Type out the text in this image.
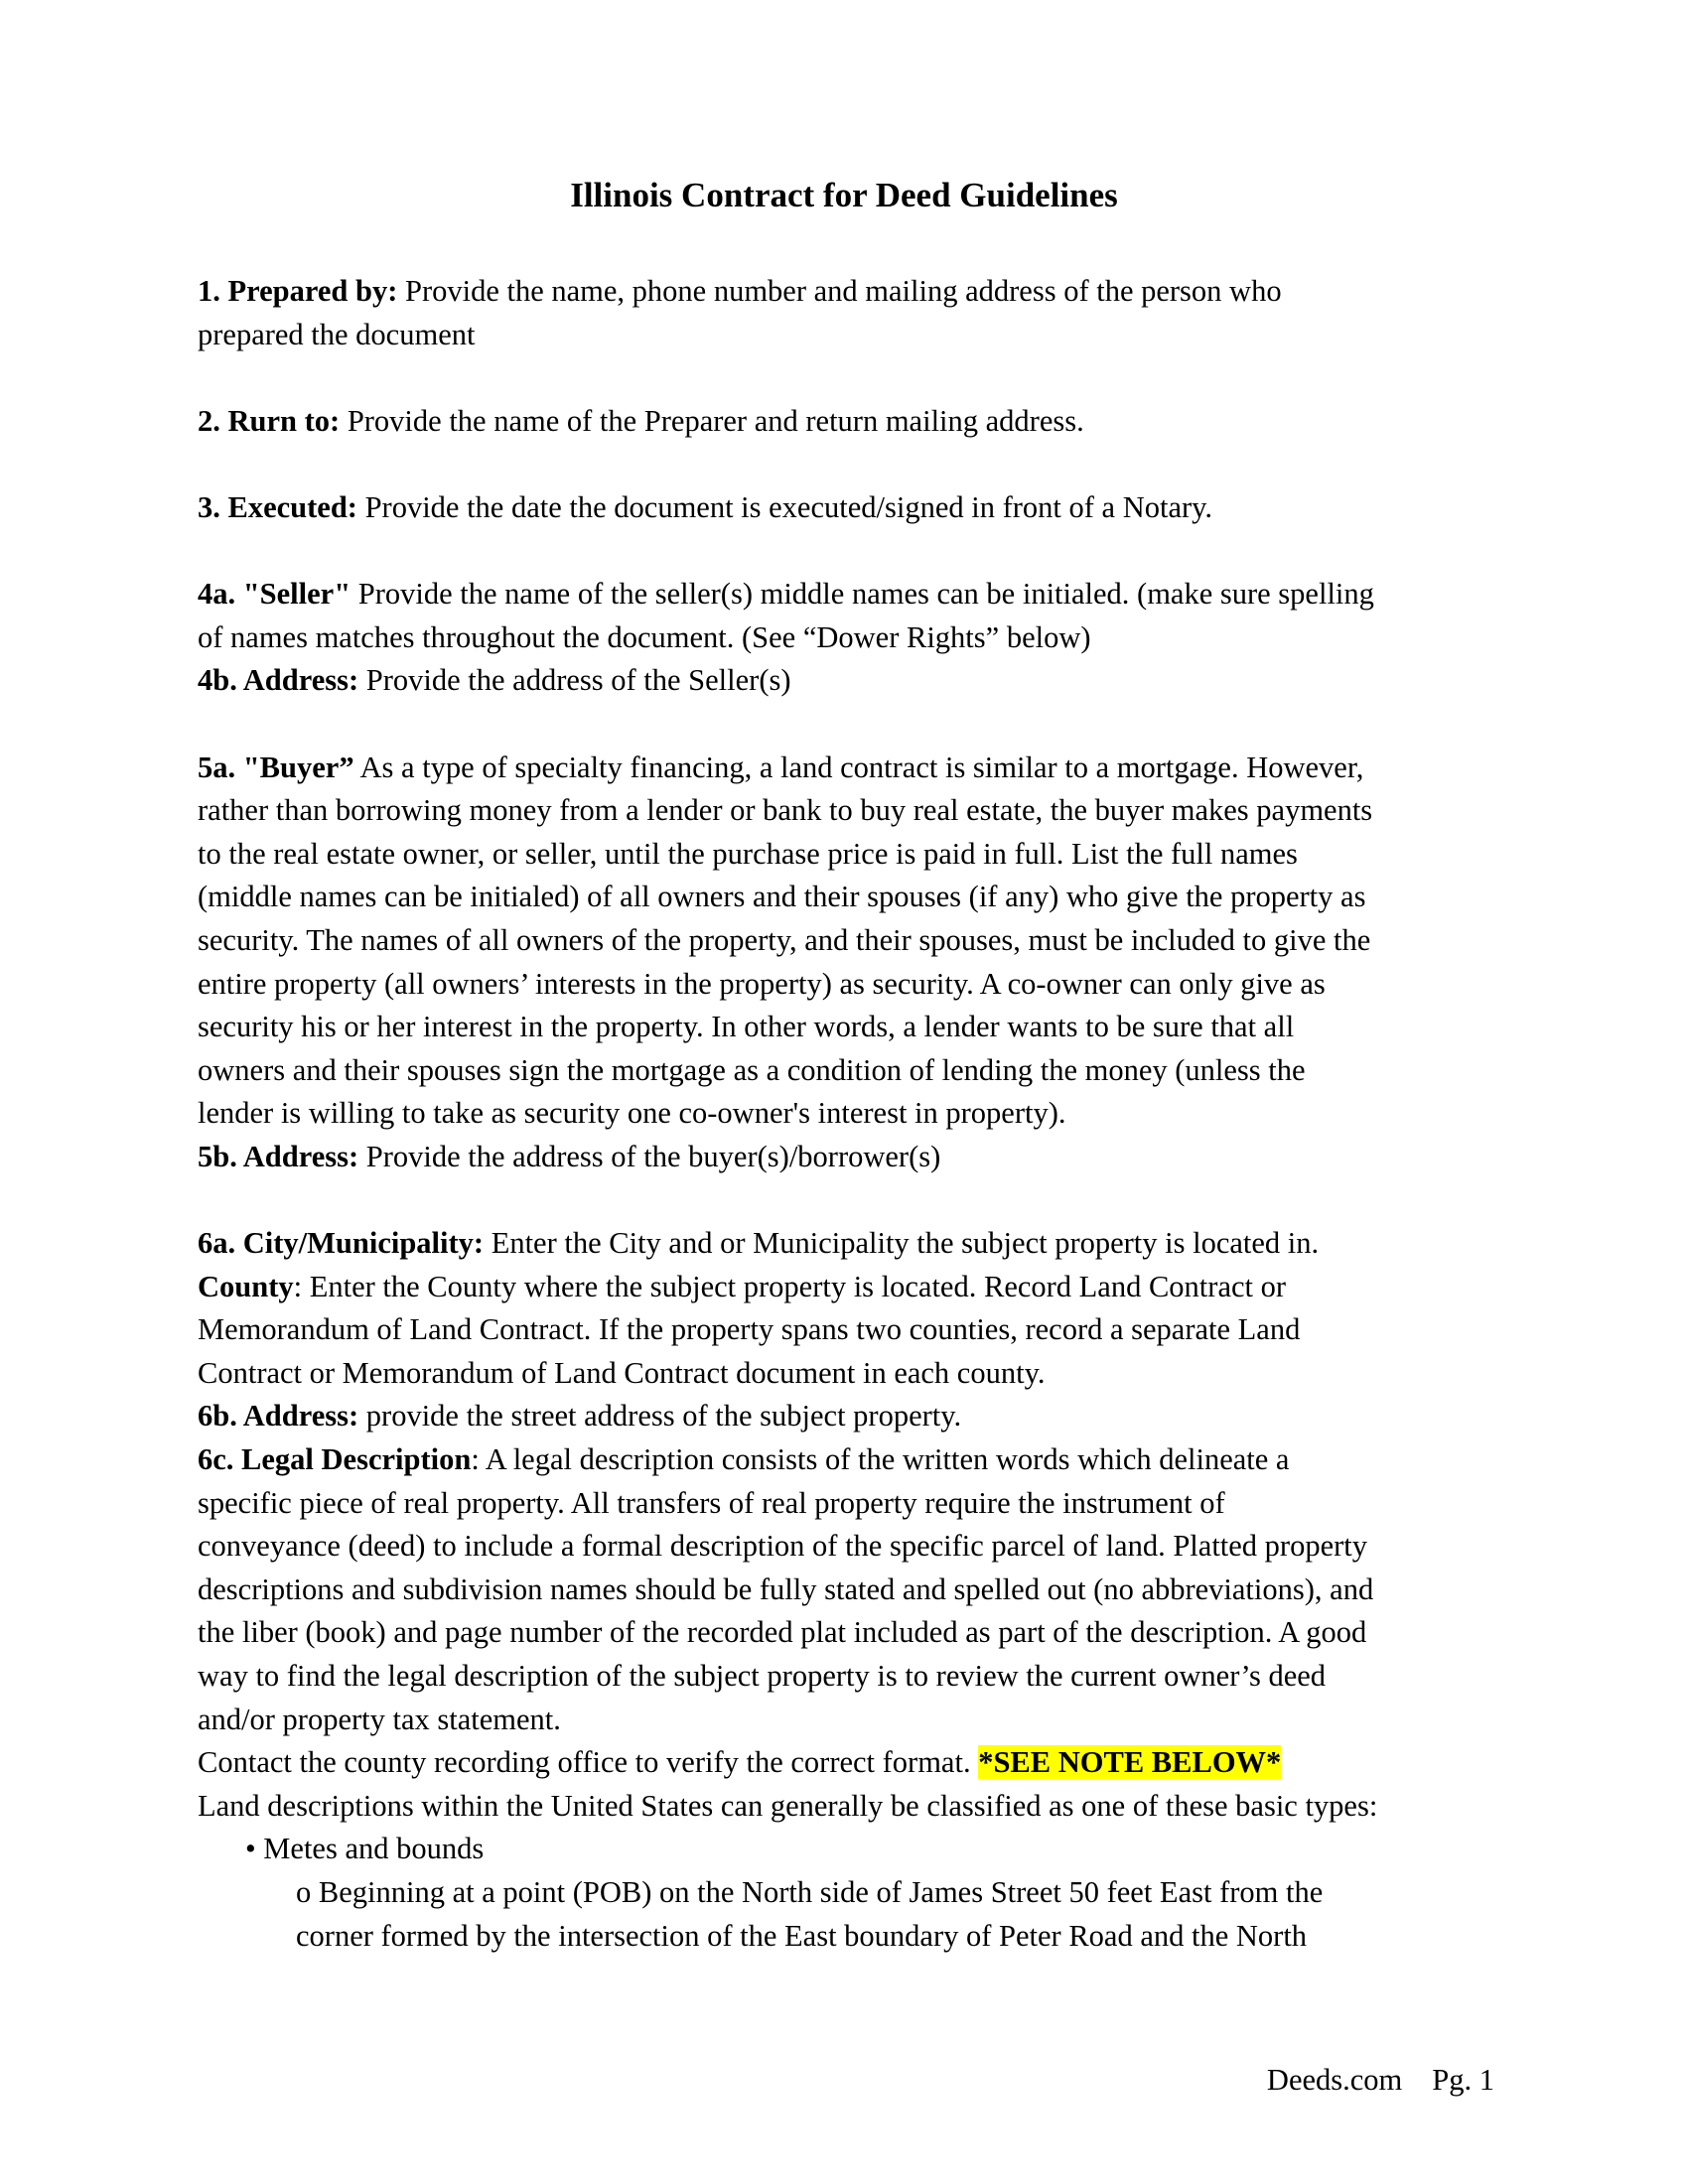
Illinois Contract for Deed Guidelines
1. Prepared by: Provide the name, phone number and mailing address of the person who
prepared the document
2. Rurn to: Provide the name of the Preparer and return mailing address.
3. Executed: Provide the date the document is executed/signed in front of a Notary.
4a. "Seller" Provide the name of the seller(s) middle names can be initialed. (make sure spelling
of names matches throughout the document. (See “Dower Rights” below)
4b. Address: Provide the address of the Seller(s)
5a. "Buyer” As a type of specialty financing, a land contract is similar to a mortgage. However,
rather than borrowing money from a lender or bank to buy real estate, the buyer makes payments
to the real estate owner, or seller, until the purchase price is paid in full. List the full names
(middle names can be initialed) of all owners and their spouses (if any) who give the property as
security. The names of all owners of the property, and their spouses, must be included to give the
entire property (all owners’ interests in the property) as security. A co-owner can only give as
security his or her interest in the property. In other words, a lender wants to be sure that all
owners and their spouses sign the mortgage as a condition of lending the money (unless the
lender is willing to take as security one co-owner's interest in property).
5b. Address: Provide the address of the buyer(s)/borrower(s)
6a. City/Municipality: Enter the City and or Municipality the subject property is located in.
County: Enter the County where the subject property is located. Record Land Contract or
Memorandum of Land Contract. If the property spans two counties, record a separate Land
Contract or Memorandum of Land Contract document in each county.
6b. Address: provide the street address of the subject property.
6c. Legal Description: A legal description consists of the written words which delineate a
specific piece of real property. All transfers of real property require the instrument of
conveyance (deed) to include a formal description of the specific parcel of land. Platted property
descriptions and subdivision names should be fully stated and spelled out (no abbreviations), and
the liber (book) and page number of the recorded plat included as part of the description. A good
way to find the legal description of the subject property is to review the current owner’s deed
and/or property tax statement.
Contact the county recording office to verify the correct format. *SEE NOTE BELOW*
Land descriptions within the United States can generally be classified as one of these basic types:
• Metes and bounds
o Beginning at a point (POB) on the North side of James Street 50 feet East from the
corner formed by the intersection of the East boundary of Peter Road and the North
Deeds.com Pg. 1
